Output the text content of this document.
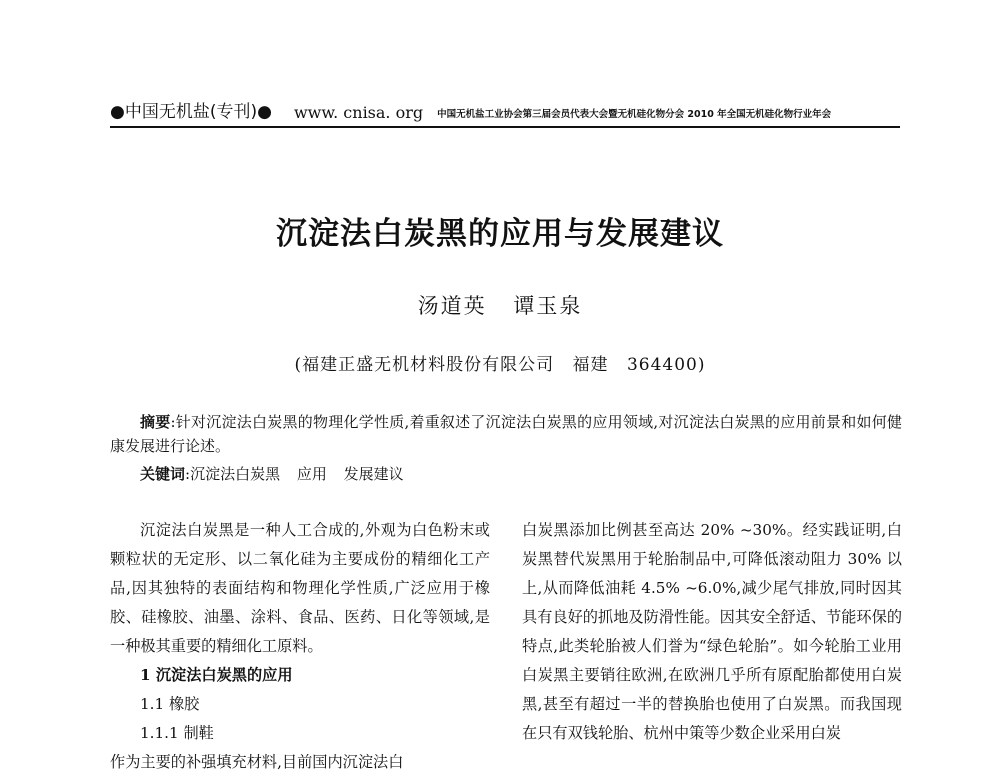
●中国无机盐(专刊)● www. cnisa. org 中国无机盐工业协会第三届会员代表大会暨无机硅化物分会 2010 年全国无机硅化物行业年会
沉淀法白炭黑的应用与发展建议
汤道英 谭玉泉
(福建正盛无机材料股份有限公司 福建 364400)
摘要:针对沉淀法白炭黑的物理化学性质,着重叙述了沉淀法白炭黑的应用领域,对沉淀法白炭黑的应用前景和如何健康发展进行论述。
关键词:沉淀法白炭黑 应用 发展建议
沉淀法白炭黑是一种人工合成的,外观为白色粉末或颗粒状的无定形、以二氧化硅为主要成份的精细化工产品,因其独特的表面结构和物理化学性质,广泛应用于橡胶、硅橡胶、油墨、涂料、食品、医药、日化等领域,是一种极其重要的精细化工原料。
1 沉淀法白炭黑的应用
1.1 橡胶
1.1.1 制鞋
作为主要的补强填充材料,目前国内沉淀法白
白炭黑添加比例甚至高达 20% ~30%。经实践证明,白炭黑替代炭黑用于轮胎制品中,可降低滚动阻力 30% 以上,从而降低油耗 4.5% ~6.0%,减少尾气排放,同时因其具有良好的抓地及防滑性能。因其安全舒适、节能环保的特点,此类轮胎被人们誉为“绿色轮胎”。如今轮胎工业用白炭黑主要销往欧洲,在欧洲几乎所有原配胎都使用白炭黑,甚至有超过一半的替换胎也使用了白炭黑。而我国现在只有双钱轮胎、杭州中策等少数企业采用白炭
